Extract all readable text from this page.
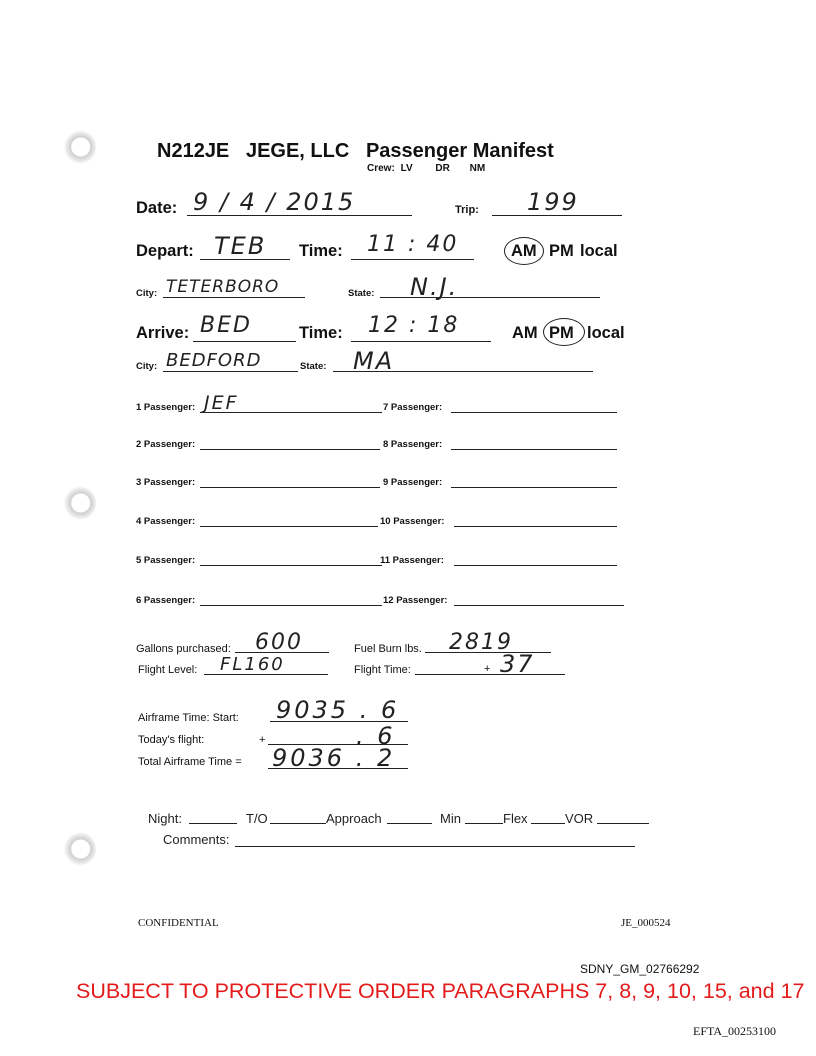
N212JE   JEGE, LLC   Passenger Manifest
Crew: LV DR NM
Date: 9 / 4 / 2015	Trip: 199
Depart: TEB Time: 11 : 40	AM PM local
City: TETERBORO	State: N.J.
Arrive: BED	Time: 12 : 18	AM PM local
City: BEDFORD	State: MA
1 Passenger: JEF
2 Passenger:
3 Passenger:
4 Passenger:
5 Passenger:
6 Passenger:
7 Passenger:
8 Passenger:
9 Passenger:
10 Passenger:
11 Passenger:
12 Passenger:
Gallons purchased: 600	Fuel Burn lbs. 2819
Flight Level: FL160	Flight Time:	+ 37
Airframe Time: Start: 9035 . 6
Today's flight:	+	. 6
Total Airframe Time = 9036 . 2
Night:	T/O	Approach	Min	Flex	VOR
Comments:
CONFIDENTIAL	JE_000524
SDNY_GM_02766292
SUBJECT TO PROTECTIVE ORDER PARAGRAPHS 7, 8, 9, 10, 15, and 17
EFTA_00253100
